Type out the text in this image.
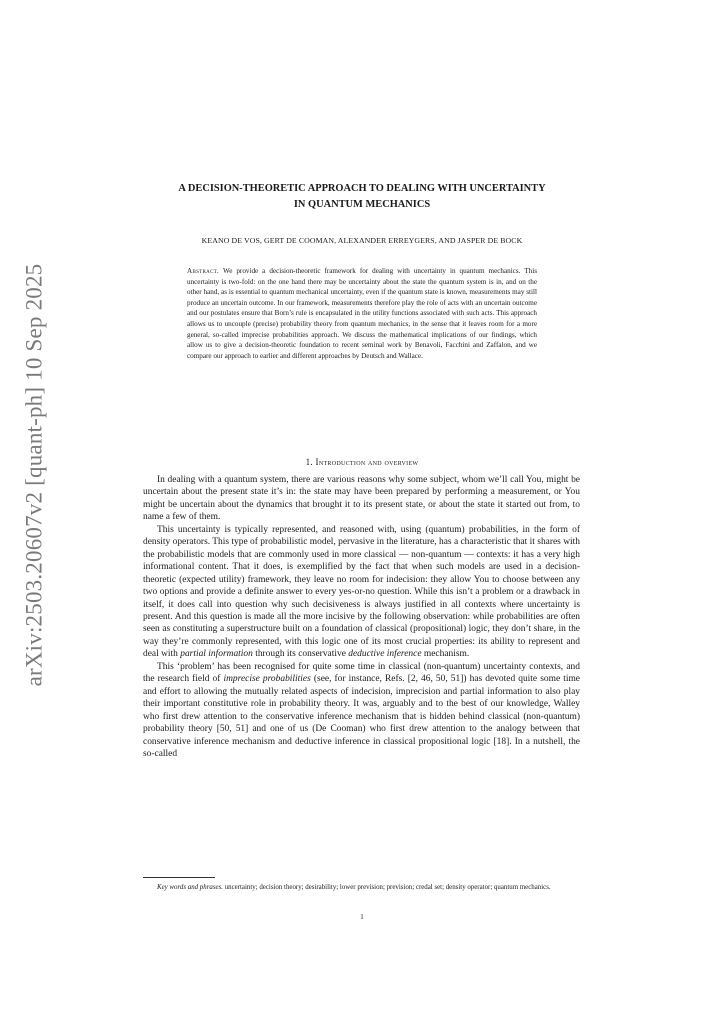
arXiv:2503.20607v2 [quant-ph] 10 Sep 2025
A DECISION-THEORETIC APPROACH TO DEALING WITH UNCERTAINTY
IN QUANTUM MECHANICS
KEANO DE VOS, GERT DE COOMAN, ALEXANDER ERREYGERS, AND JASPER DE BOCK
Abstract. We provide a decision-theoretic framework for dealing with uncertainty in quantum mechanics. This uncertainty is two-fold: on the one hand there may be uncertainty about the state the quantum system is in, and on the other hand, as is essential to quantum mechanical uncertainty, even if the quantum state is known, measurements may still produce an uncertain outcome. In our framework, measurements therefore play the role of acts with an uncertain outcome and our postulates ensure that Born’s rule is encapsulated in the utility functions associated with such acts. This approach allows us to uncouple (precise) probability theory from quantum mechanics, in the sense that it leaves room for a more general, so-called imprecise probabilities approach. We discuss the mathematical implications of our findings, which allow us to give a decision-theoretic foundation to recent seminal work by Benavoli, Facchini and Zaffalon, and we compare our approach to earlier and different approaches by Deutsch and Wallace.
1. Introduction and overview

In dealing with a quantum system, there are various reasons why some subject, whom we’ll call You, might be uncertain about the present state it’s in: the state may have been prepared by performing a measurement, or You might be uncertain about the dynamics that brought it to its present state, or about the state it started out from, to name a few of them.

This uncertainty is typically represented, and reasoned with, using (quantum) probabilities, in the form of density operators. This type of probabilistic model, pervasive in the literature, has a characteristic that it shares with the probabilistic models that are commonly used in more classical — non-quantum — contexts: it has a very high informational content. That it does, is exemplified by the fact that when such models are used in a decision-theoretic (expected utility) framework, they leave no room for indecision: they allow You to choose between any two options and provide a definite answer to every yes-or-no question. While this isn’t a problem or a drawback in itself, it does call into question why such decisiveness is always justified in all contexts where uncertainty is present. And this question is made all the more incisive by the following observation: while probabilities are often seen as constituting a superstructure built on a foundation of classical (propositional) logic, they don’t share, in the way they’re commonly represented, with this logic one of its most crucial properties: its ability to represent and deal with partial information through its conservative deductive inference mechanism.

This ‘problem’ has been recognised for quite some time in classical (non-quantum) uncertainty contexts, and the research field of imprecise probabilities (see, for instance, Refs. [2, 46, 50, 51]) has devoted quite some time and effort to allowing the mutually related aspects of indecision, imprecision and partial information to also play their important constitutive role in probability theory. It was, arguably and to the best of our knowledge, Walley who first drew attention to the conservative inference mechanism that is hidden behind classical (non-quantum) probability theory [50, 51] and one of us (De Cooman) who first drew attention to the analogy between that conservative inference mechanism and deductive inference in classical propositional logic [18]. In a nutshell, the so-called

Key words and phrases. uncertainty; decision theory; desirability; lower prevision; prevision; credal set; density operator; quantum mechanics.
1
